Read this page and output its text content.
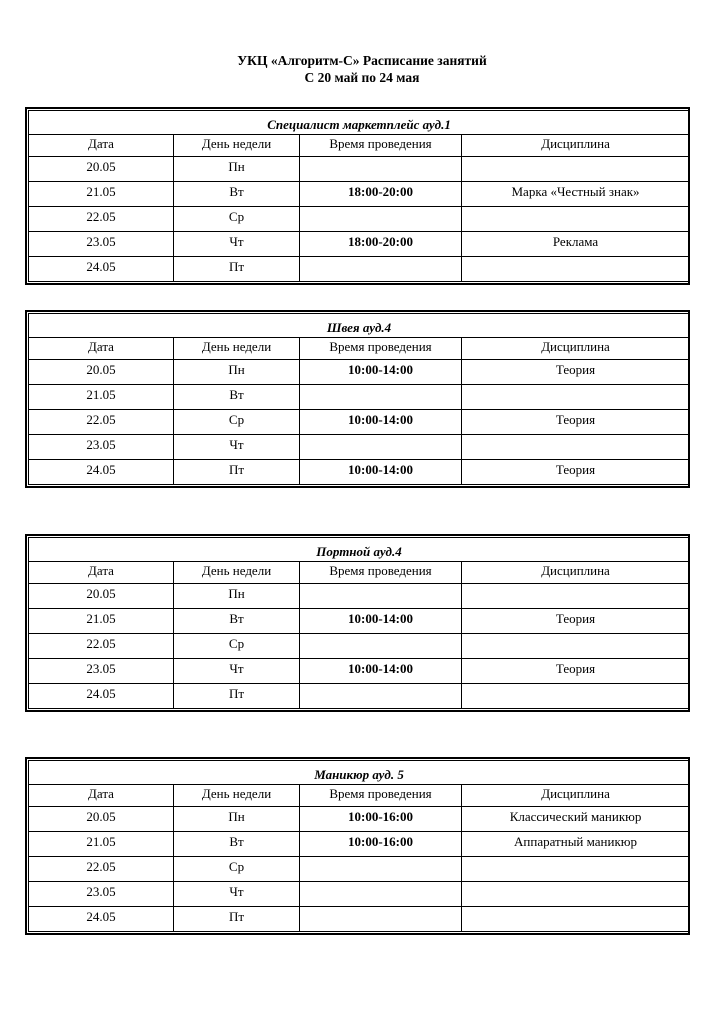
УКЦ «Алгоритм-С» Расписание занятий
С 20 май по 24 мая
Специалист маркетплейс ауд.1			
Дата	День недели	Время проведения	Дисциплина
20.05	Пн		
21.05	Вт	18:00-20:00	Марка «Честный знак»
22.05	Ср		
23.05	Чт	18:00-20:00	Реклама
24.05	Пт		
Швея ауд.4			
Дата	День недели	Время проведения	Дисциплина
20.05	Пн	10:00-14:00	Теория
21.05	Вт		
22.05	Ср	10:00-14:00	Теория
23.05	Чт		
24.05	Пт	10:00-14:00	Теория
Портной ауд.4			
Дата	День недели	Время проведения	Дисциплина
20.05	Пн		
21.05	Вт	10:00-14:00	Теория
22.05	Ср		
23.05	Чт	10:00-14:00	Теория
24.05	Пт		
Маникюр ауд. 5			
Дата	День недели	Время проведения	Дисциплина
20.05	Пн	10:00-16:00	Классический маникюр
21.05	Вт	10:00-16:00	Аппаратный маникюр
22.05	Ср		
23.05	Чт		
24.05	Пт		
